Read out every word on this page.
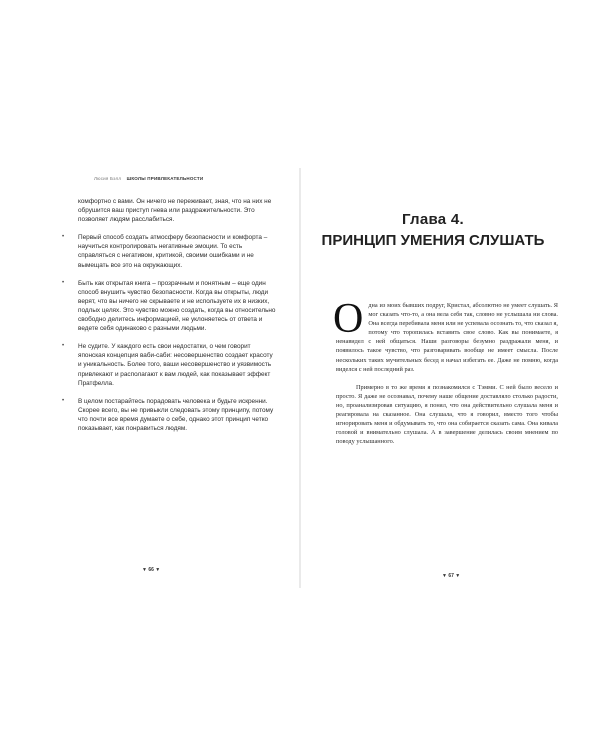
Люсия Бэлл ШКОЛЫ ПРИВЛЕКАТЕЛЬНОСТИ

комфортно с вами. Он ничего не переживает, зная, что на них не обрушится ваш приступ гнева или раздражительности. Это позволяет людям расслабиться.

• Первый способ создать атмосферу безопасности и комфорта – научиться контролировать негативные эмоции. То есть справляться с негативом, критикой, своими ошибками и не вымещать все это на окружающих.

• Быть как открытая книга – прозрачным и понятным – еще один способ внушить чувство безопасности. Когда вы открыты, люди верят, что вы ничего не скрываете и не используете их в низких, подлых целях. Это чувство можно создать, когда вы относительно свободно делитесь информацией, не уклоняетесь от ответа и ведете себя одинаково с разными людьми.

• Не судите. У каждого есть свои недостатки, о чем говорит японская концепция ваби-саби: несовершенство создает красоту и уникальность. Более того, ваши несовершенство и уязвимость привлекают и располагают к вам людей, как показывает эффект Пратфелла.

• В целом постарайтесь порадовать человека и будьте искренни. Скорее всего, вы не привыкли следовать этому принципу, потому что почти все время думаете о себе, однако этот принцип четко показывает, как понравиться людям.

▼ 66 ▼
Глава 4.
ПРИНЦИП УМЕНИЯ СЛУШАТЬ
О дна из моих бывших подруг, Кристал, абсолютно не умеет слушать. Я мог сказать что-то, а она вела себя так, словно не услышала ни слова. Она всегда перебивала меня или не успевала осознать то, что сказал я, потому что торопилась вставить свое слово. Как вы понимаете, я ненавидел с ней общаться. Наши разговоры безумно раздражали меня, и появилось такое чувство, что разговаривать вообще не имеет смысла. После нескольких таких мучительных бесед я начал избегать ее. Даже не помню, когда виделся с ней последний раз.

Примерно в то же время я познакомился с Тэмми. С ней было весело и просто. Я даже не осознавал, почему наше общение доставляло столько радости, но, проанализировав ситуацию, я понял, что она действительно слушала меня и реагировала на сказанное. Она слушала, что я говорил, вместо того чтобы игнорировать меня и обдумывать то, что она собирается сказать сама. Она кивала головой и внимательно слушала. А в завершение делилась своим мнением по поводу услышанного.

▼ 67 ▼
